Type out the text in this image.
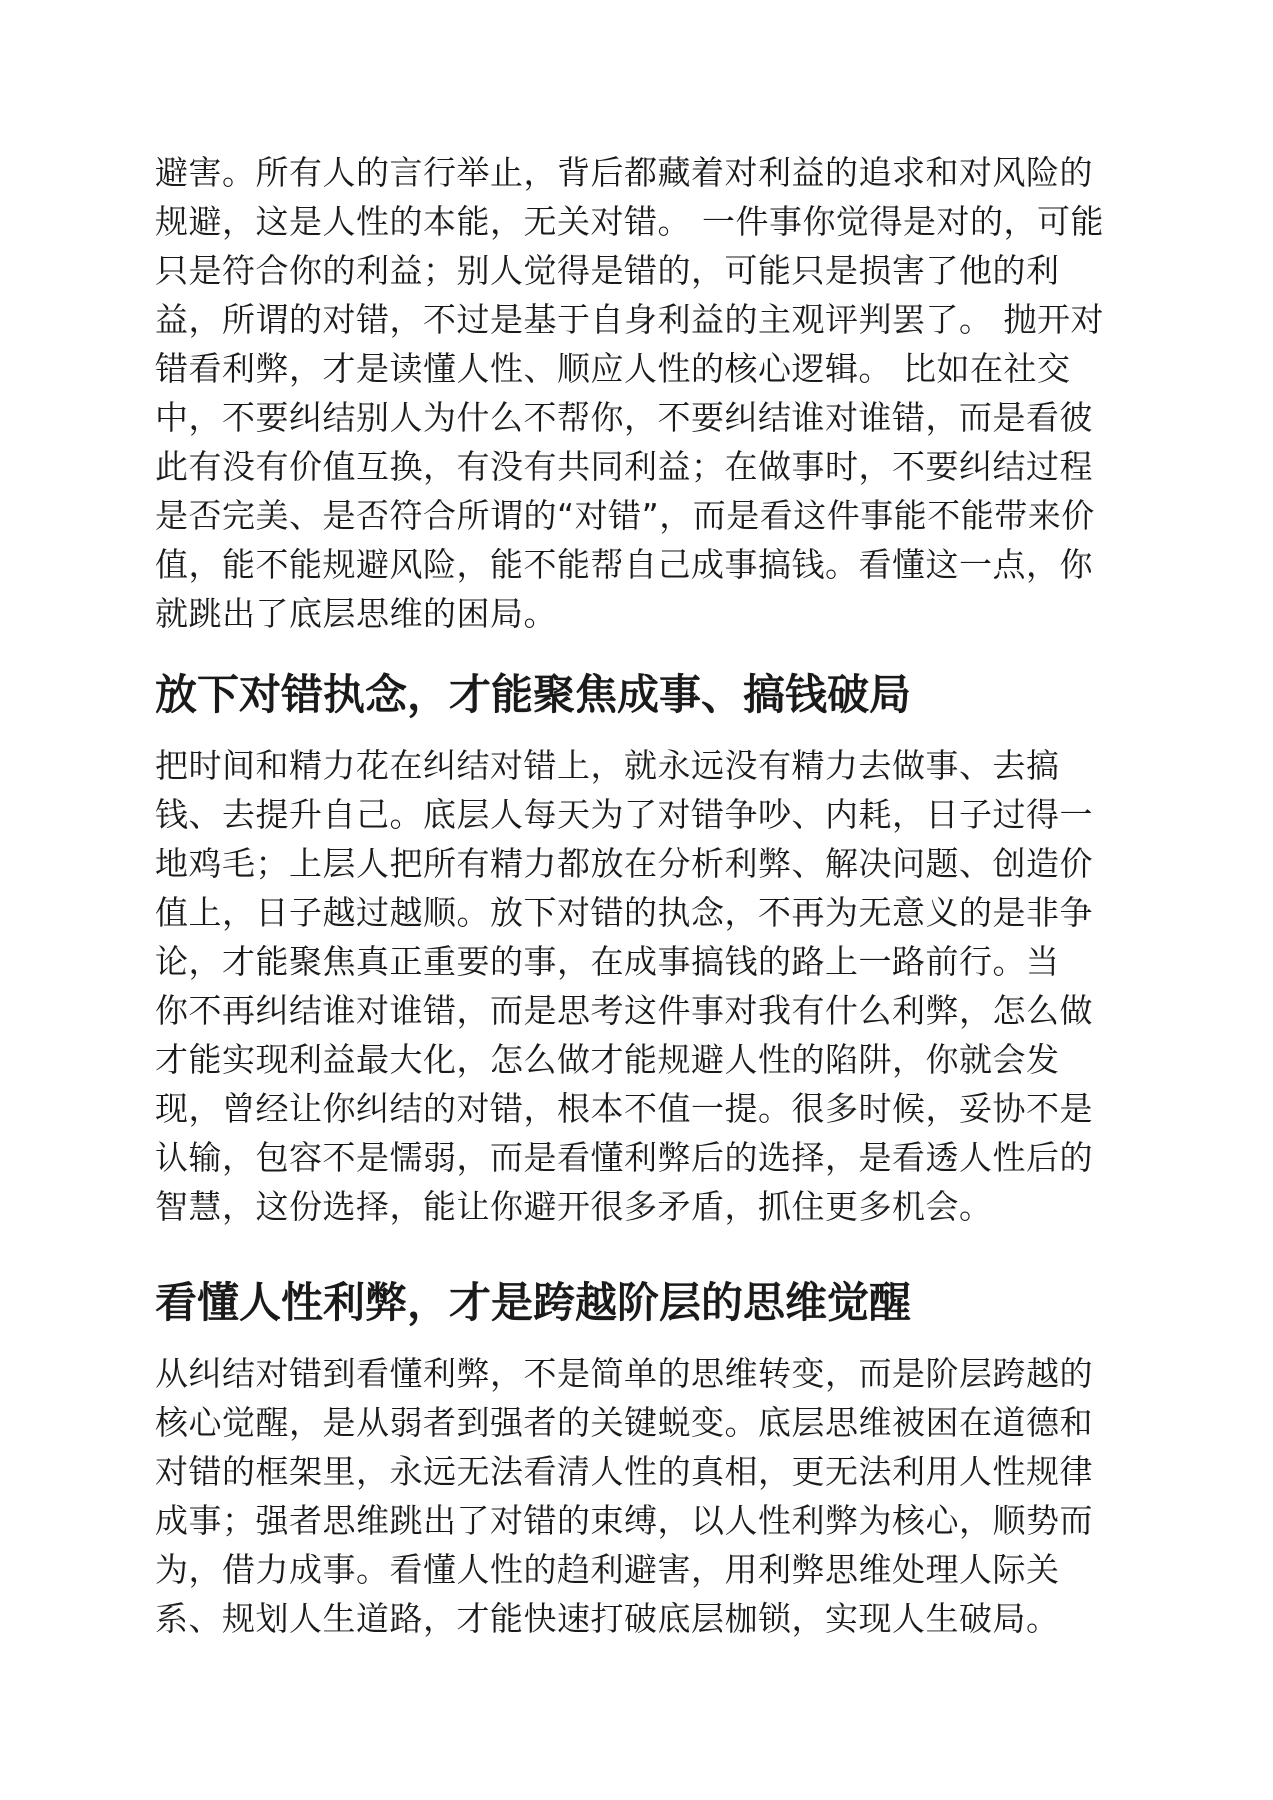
避害。所有人的言行举止，背后都藏着对利益的追求和对风险的
规避，这是人性的本能，无关对错。 一件事你觉得是对的，可能
只是符合你的利益；别人觉得是错的，可能只是损害了他的利
益，所谓的对错，不过是基于自身利益的主观评判罢了。 抛开对
错看利弊，才是读懂人性、顺应人性的核心逻辑。 比如在社交
中，不要纠结别人为什么不帮你，不要纠结谁对谁错，而是看彼
此有没有价值互换，有没有共同利益；在做事时，不要纠结过程
是否完美、是否符合所谓的“对错”，而是看这件事能不能带来价
值，能不能规避风险，能不能帮自己成事搞钱。看懂这一点，你
就跳出了底层思维的困局。
放下对错执念，才能聚焦成事、搞钱破局
把时间和精力花在纠结对错上，就永远没有精力去做事、去搞
钱、去提升自己。底层人每天为了对错争吵、内耗，日子过得一
地鸡毛；上层人把所有精力都放在分析利弊、解决问题、创造价
值上，日子越过越顺。放下对错的执念，不再为无意义的是非争
论，才能聚焦真正重要的事，在成事搞钱的路上一路前行。当
你不再纠结谁对谁错，而是思考这件事对我有什么利弊，怎么做
才能实现利益最大化，怎么做才能规避人性的陷阱，你就会发
现，曾经让你纠结的对错，根本不值一提。很多时候，妥协不是
认输，包容不是懦弱，而是看懂利弊后的选择，是看透人性后的
智慧，这份选择，能让你避开很多矛盾，抓住更多机会。
看懂人性利弊，才是跨越阶层的思维觉醒
从纠结对错到看懂利弊，不是简单的思维转变，而是阶层跨越的
核心觉醒，是从弱者到强者的关键蜕变。底层思维被困在道德和
对错的框架里，永远无法看清人性的真相，更无法利用人性规律
成事；强者思维跳出了对错的束缚，以人性利弊为核心，顺势而
为，借力成事。看懂人性的趋利避害，用利弊思维处理人际关
系、规划人生道路，才能快速打破底层枷锁，实现人生破局。
